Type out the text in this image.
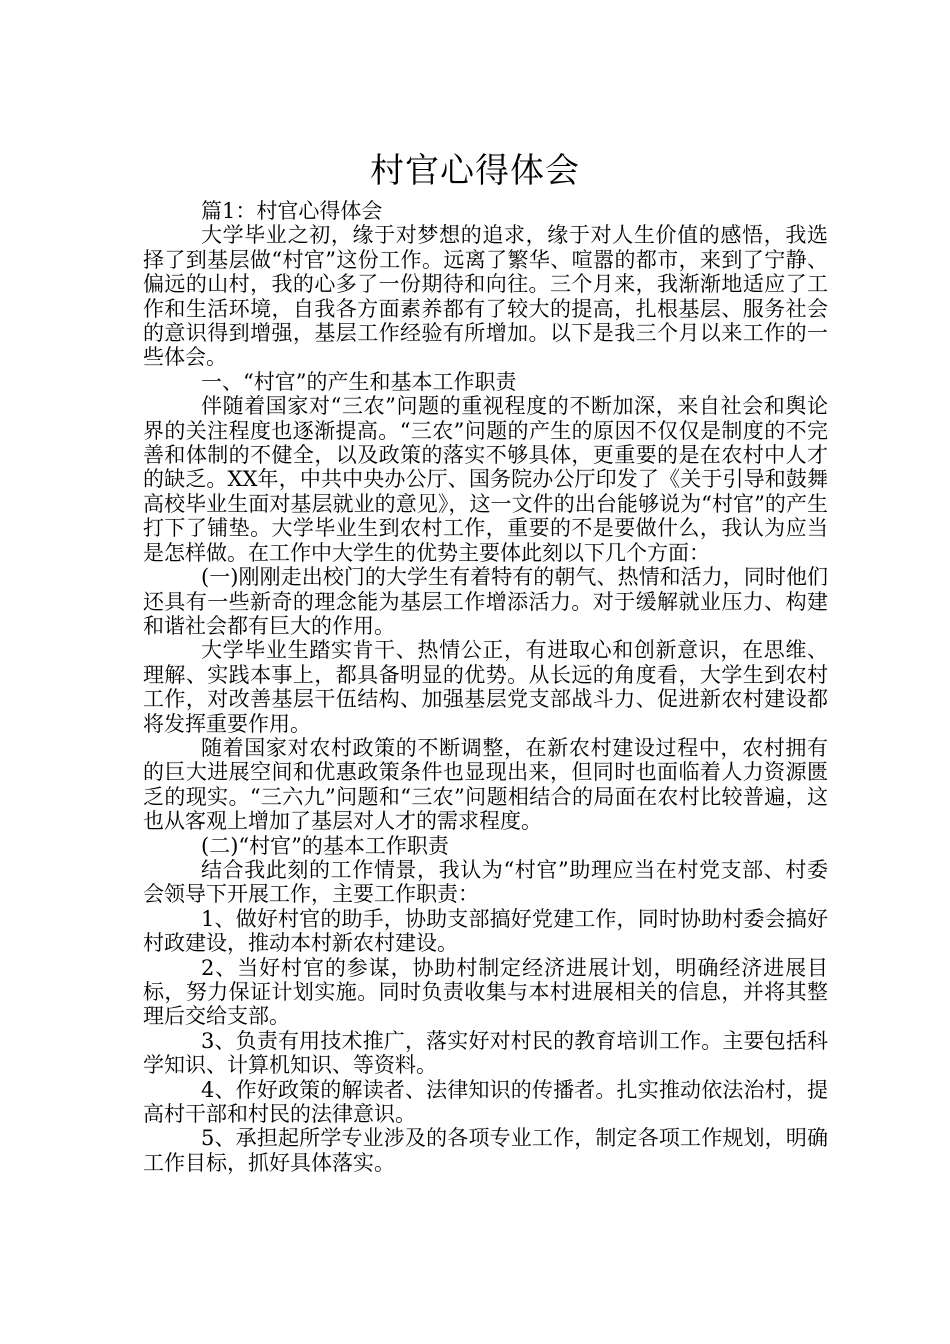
村官心得体会

篇1：村官心得体会

大学毕业之初，缘于对梦想的追求，缘于对人生价值的感悟，我选择了到基层做“村官”这份工作。远离了繁华、喧嚣的都市，来到了宁静、偏远的山村，我的心多了一份期待和向往。三个月来，我渐渐地适应了工作和生活环境，自我各方面素养都有了较大的提高，扎根基层、服务社会的意识得到增强，基层工作经验有所增加。以下是我三个月以来工作的一些体会。

一、“村官”的产生和基本工作职责

伴随着国家对“三农”问题的重视程度的不断加深，来自社会和舆论界的关注程度也逐渐提高。“三农”问题的产生的原因不仅仅是制度的不完善和体制的不健全，以及政策的落实不够具体，更重要的是在农村中人才的缺乏。XX年，中共中央办公厅、国务院办公厅印发了《关于引导和鼓舞高校毕业生面对基层就业的意见》，这一文件的出台能够说为“村官”的产生打下了铺垫。大学毕业生到农村工作，重要的不是要做什么，我认为应当是怎样做。在工作中大学生的优势主要体此刻以下几个方面：

(一)刚刚走出校门的大学生有着特有的朝气、热情和活力，同时他们还具有一些新奇的理念能为基层工作增添活力。对于缓解就业压力、构建和谐社会都有巨大的作用。

大学毕业生踏实肯干、热情公正，有进取心和创新意识，在思维、理解、实践本事上，都具备明显的优势。从长远的角度看，大学生到农村工作，对改善基层干伍结构、加强基层党支部战斗力、促进新农村建设都将发挥重要作用。

随着国家对农村政策的不断调整，在新农村建设过程中，农村拥有的巨大进展空间和优惠政策条件也显现出来，但同时也面临着人力资源匮乏的现实。“三六九”问题和“三农”问题相结合的局面在农村比较普遍，这也从客观上增加了基层对人才的需求程度。

(二)“村官”的基本工作职责

结合我此刻的工作情景，我认为“村官”助理应当在村党支部、村委会领导下开展工作，主要工作职责：

1、做好村官的助手，协助支部搞好党建工作，同时协助村委会搞好村政建设，推动本村新农村建设。

2、当好村官的参谋，协助村制定经济进展计划，明确经济进展目标，努力保证计划实施。同时负责收集与本村进展相关的信息，并将其整理后交给支部。

3、负责有用技术推广，落实好对村民的教育培训工作。主要包括科学知识、计算机知识、等资料。

4、作好政策的解读者、法律知识的传播者。扎实推动依法治村，提高村干部和村民的法律意识。

5、承担起所学专业涉及的各项专业工作，制定各项工作规划，明确工作目标，抓好具体落实。
